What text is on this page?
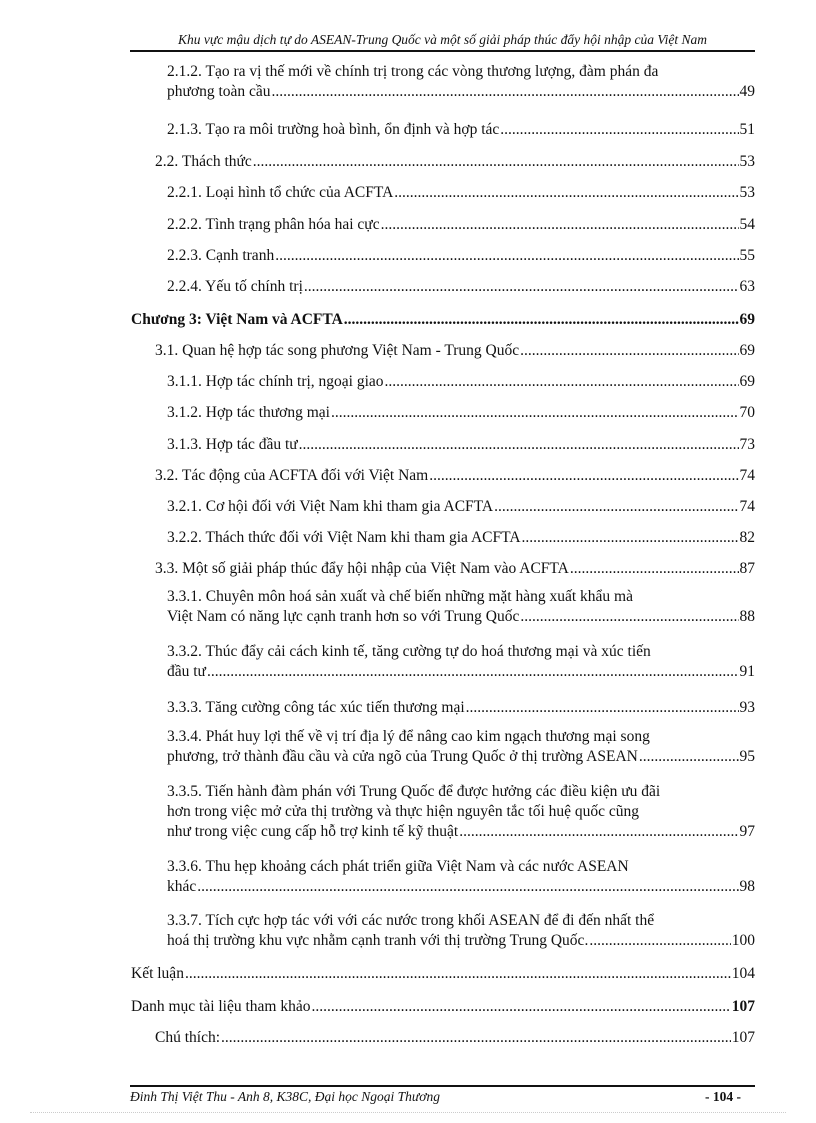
Khu vực mậu dịch tự do ASEAN-Trung Quốc và một số giải pháp thúc đẩy hội nhập của Việt Nam
2.1.2. Tạo ra vị thế mới về chính trị trong các vòng thương lượng, đàm phán đa
phương toàn cầu .....	49
2.1.3. Tạo ra môi trường hoà bình, ổn định và hợp tác .....	51
2.2. Thách thức .....	53
2.2.1. Loại hình tổ chức của ACFTA .....	53
2.2.2. Tình trạng phân hóa hai cực .....	54
2.2.3. Cạnh tranh .....	55
2.2.4. Yếu tố chính trị .....	63
Chương 3: Việt Nam và ACFTA .....	69
3.1. Quan hệ hợp tác song phương Việt Nam - Trung Quốc .....	69
3.1.1. Hợp tác chính trị, ngoại giao .....	69
3.1.2. Hợp tác thương mại .....	70
3.1.3. Hợp tác đầu tư .....	73
3.2. Tác động của ACFTA đối với Việt Nam .....	74
3.2.1. Cơ hội đối với Việt Nam khi tham gia ACFTA .....	74
3.2.2. Thách thức đối với Việt Nam khi tham gia ACFTA .....	82
3.3. Một số giải pháp thúc đẩy hội nhập của Việt Nam vào ACFTA .....	87
3.3.1. Chuyên môn hoá sản xuất và chế biến những mặt hàng xuất khẩu mà
Việt Nam có năng lực cạnh tranh hơn so với Trung Quốc .....	88
3.3.2. Thúc đẩy cải cách kinh tế, tăng cường tự do hoá thương mại và xúc tiến
đầu tư .....	91
3.3.3. Tăng cường công tác xúc tiến thương mại .....	93
3.3.4. Phát huy lợi thế về vị trí địa lý để nâng cao kim ngạch thương mại song
phương, trở thành đầu cầu và cửa ngõ của Trung Quốc ở thị trường ASEAN .....	95
3.3.5. Tiến hành đàm phán với Trung Quốc để được hưởng các điều kiện ưu đãi
hơn trong việc mở cửa thị trường và thực hiện nguyên tắc tối huệ quốc cũng
như trong việc cung cấp hỗ trợ kinh tế kỹ thuật .....	97
3.3.6. Thu hẹp khoảng cách phát triển giữa Việt Nam và các nước ASEAN
khác .....	98
3.3.7. Tích cực hợp tác với với các nước trong khối ASEAN để đi đến nhất thể
hoá thị trường khu vực nhằm cạnh tranh với thị trường Trung Quốc. .....	100
Kết luận .....	104
Danh mục tài liệu tham khảo .....	107
Chú thích: .....	107
Đinh Thị Việt Thu - Anh 8, K38C, Đại học Ngoại Thương	- 104 -
